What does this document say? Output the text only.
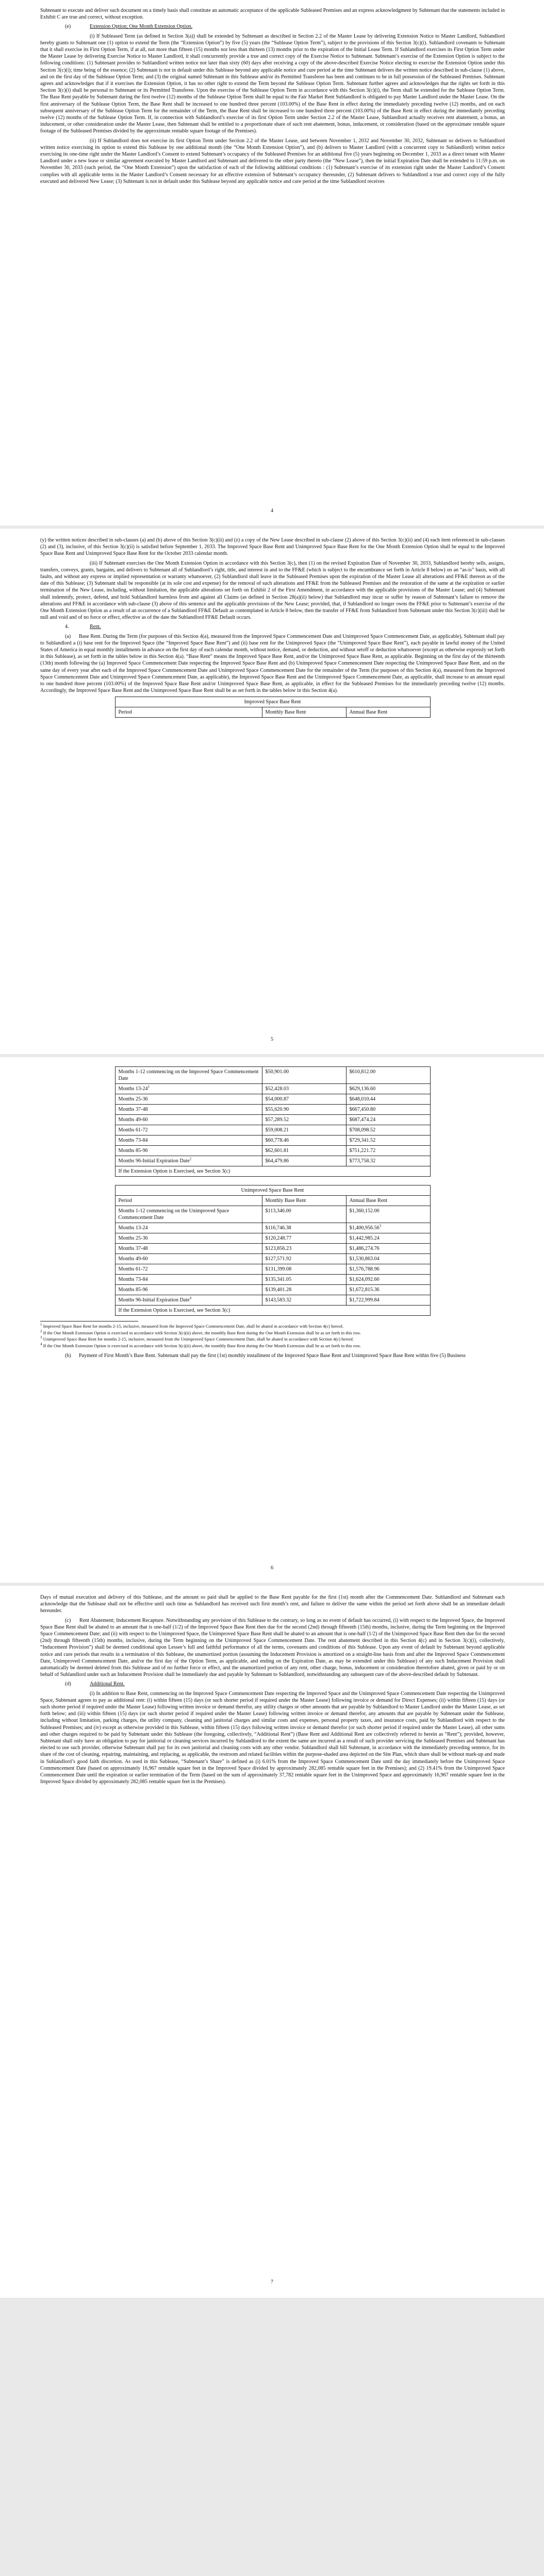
Subtenant to execute and deliver such document on a timely basis shall constitute an automatic acceptance of the applicable Subleased Premises and an express acknowledgment by Subtenant that the statements included in Exhibit C are true and correct, without exception.

(e)	Extension Option; One Month Extension Option.

(i) If Subleased Term (as defined in Section 3(a)) shall be extended by Subtenant as described in Section 2.2 of the Master Lease by delivering Extension Notice to Master Landlord, Sublandlord hereby grants to Subtenant one (1) option to extend the Term (the “Extension Option”) by five (5) years (the “Sublease Option Term”), subject to the provisions of this Section 3(c)(i). Sublandlord covenants to Subtenant that it shall exercise its First Option Term, if at all, not more than fifteen (15) months nor less than thirteen (13) months prior to the expiration of the Initial Lease Term. If Sublandlord exercises its First Option Term under the Master Lease by delivering Exercise Notice to Master Landlord, it shall concurrently provide a true and correct copy of the Exercise Notice to Subtenant. Subtenant’s exercise of the Extension Option is subject to the following conditions: (1) Subtenant provides to Sublandlord written notice not later than sixty (60) days after receiving a copy of the above-described Exercise Notice electing to exercise the Extension Option under this Section 3(c)(i); time being of the essence; (2) Subtenant is not in default under this Sublease beyond any applicable notice and cure period at the time Subtenant delivers the written notice described in sub-clause (1) above, and on the first day of the Sublease Option Term; and (3) the original named Subtenant in this Sublease and/or its Permitted Transferee has been and continues to be in full possession of the Subleased Premises. Subtenant agrees and acknowledges that if it exercises the Extension Option, it has no other right to extend the Term beyond the Sublease Option Term. Subtenant further agrees and acknowledges that the rights set forth in this Section 3(c)(i) shall be personal to Subtenant or its Permitted Transferee. Upon the exercise of the Sublease Option Term in accordance with this Section 3(c)(i), the Term shall be extended for the Sublease Option Term. The Base Rent payable by Subtenant during the first twelve (12) months of the Sublease Option Term shall be equal to the Fair Market Rent Sublandlord is obligated to pay Master Landlord under the Master Lease. On the first anniversary of the Sublease Option Term, the Base Rent shall be increased to one hundred three percent (103.00%) of the Base Rent in effect during the immediately preceding twelve (12) months, and on each subsequent anniversary of the Sublease Option Term for the remainder of the Term, the Base Rent shall be increased to one hundred three percent (103.00%) of the Base Rent in effect during the immediately preceding twelve (12) months of the Sublease Option Term. If, in connection with Sublandlord’s exercise of its first Option Term under Section 2.2 of the Master Lease, Sublandlord actually receives rent abatement, a bonus, an inducement, or other consideration under the Master Lease, then Subtenant shall be entitled to a proportionate share of such rent abatement, bonus, inducement, or consideration (based on the approximate rentable square footage of the Subleased Premises divided by the approximate rentable square footage of the Premises).

(ii) If Sublandlord does not exercise its first Option Term under Section 2.2 of the Master Lease, and between November 1, 2032 and November 30, 2032, Subtenant so delivers to Sublandlord written notice exercising its option to extend this Sublease by one additional month (the “One Month Extension Option”), and (b) delivers to Master Landlord (with a concurrent copy to Sublandlord) written notice exercising its one-time right under the Master Landlord’s Consent to extend Subtenant’s occupancy of the Subleased Premises for an additional five (5) years beginning on December 1, 2033 as a direct tenant with Master Landlord under a new lease or similar agreement executed by Master Landlord and Subtenant and delivered to the other party thereto (the “New Lease”), then the initial Expiration Date shall be extended to 11:59 p.m. on November 30, 2033 (such period, the “One Month Extension”) upon the satisfaction of each of the following additional conditions : (1) Subtenant’s exercise of its extension right under the Master Landlord’s Consent complies with all applicable terms in the Master Landlord’s Consent necessary for an effective extension of Subtenant’s occupancy thereunder, (2) Subtenant delivers to Sublandlord a true and correct copy of the fully executed and delivered New Lease; (3) Subtenant is not in default under this Sublease beyond any applicable notice and cure period at the time Sublandlord receives

4

(y) the written notices described in sub-clauses (a) and (b) above of this Section 3(c)(ii) and (z) a copy of the New Lease described in sub-clause (2) above of this Section 3(c)(ii) and (4) each item referenced in sub-clauses (2) and (3), inclusive, of this Section 3(c)(ii) is satisfied before September 1, 2033. The Improved Space Base Rent and Unimproved Space Base Rent for the One Month Extension Option shall be equal to the Improved Space Base Rent and Unimproved Space Base Rent for the October 2033 calendar month.

(iii) If Subtenant exercises the One Month Extension Option in accordance with this Section 3(c), then (1) on the revised Expiration Date of November 30, 2033, Sublandlord hereby sells, assigns, transfers, conveys, grants, bargains, and delivers to Subtenant all of Sublandlord’s right, title, and interest in and to the FF&E (which is subject to the encumbrance set forth in Article 8 below) on an “as-is” basis, with all faults, and without any express or implied representation or warranty whatsoever, (2) Sublandlord shall leave in the Subleased Premises upon the expiration of the Master Lease all alterations and FF&E thereon as of the date of this Sublease; (3) Subtenant shall be responsible (at its sole cost and expense) for the removal of such alterations and FF&E from the Subleased Premises and the restoration of the same at the expiration or earlier termination of the New Lease, including, without limitation, the applicable alterations set forth on Exhibit 2 of the First Amendment, in accordance with the applicable provisions of the Master Lease; and (4) Subtenant shall indemnify, protect, defend, and hold Sublandlord harmless from and against all Claims (as defined in Section 28(a)(ii) below) that Sublandlord may incur or suffer by reason of Subtenant’s failure to remove the alterations and FF&E in accordance with sub-clause (3) above of this sentence and the applicable provisions of the New Lease; provided, that, if Sublandlord no longer owns the FF&E prior to Subtenant’s exercise of the One Month Extension Option as a result of an occurrence of a Sublandlord FF&E Default as contemplated in Article 8 below, then the transfer of FF&E from Sublandlord from Subtenant under this Section 3(c)(iii) shall be null and void and of no force or effect, effective as of the date the Sublandlord FF&E Default occurs.

4.	Rent.

(a) Base Rent. During the Term (for purposes of this Section 4(a), measured from the Improved Space Commencement Date and Unimproved Space Commencement Date, as applicable), Subtenant shall pay to Sublandlord a (i) base rent for the Improved Space (the “Improved Space Base Rent”) and (ii) base rent for the Unimproved Space (the “Unimproved Space Base Rent”), each payable in lawful money of the United States of America in equal monthly installments in advance on the first day of each calendar month, without notice, demand, or deduction, and without setoff or deduction whatsoever (except as otherwise expressly set forth in this Sublease), as set forth in the tables below in this Section 4(a). “Base Rent” means the Improved Space Base Rent, and/or the Unimproved Space Base Rent, as applicable. Beginning on the first day of the thirteenth (13th) month following the (a) Improved Space Commencement Date respecting the Improved Space Base Rent and (b) Unimproved Space Commencement Date respecting the Unimproved Space Base Rent, and on the same day of every year after each of the Improved Space Commencement Date and Unimproved Space Commencement Date for the remainder of the Term (for purposes of this Section 4(a), measured from the Improved Space Commencement Date and Unimproved Space Commencement Date, as applicable), the Improved Space Base Rent and the Unimproved Space Commencement Date, as applicable, shall increase to an amount equal to one hundred three percent (103.00%) of the Improved Space Base Rent and/or Unimproved Space Base Rent, as applicable, in effect for the Subleased Premises for the immediately preceding twelve (12) months. Accordingly, the Improved Space Base Rent and the Unimproved Space Base Rent shall be as set forth in the tables below in this Section 4(a).

Improved Space Base Rent
Period	Monthly Base Rent	Annual Base Rent
5
Months 1-12 commencing on the Improved Space Commencement Date	$50,901.00	$610,812.00
Months $13-24^1$	$52,428.03	$629,136.60
Months 25-36	$54,000.87	$648,010.44
Months 37-48	$55,620.90	$667,450.80
Months 49-60	$57,289.52	$687,474.24
Months 61-72	$59,008.21	$708,098.52
Months 73-84	$60,778.46	$729,341.52
Months 85-96	$62,601.81	$751,221.72
Months 96-Initial Expiration Date$^2$	$64,479.86	$773,758.32
If the Extension Option is Exercised, see Section 3(c)		
Unimproved Space Base Rent		
Period	Monthly Base Rent	Annual Base Rent
Months 1-12 commencing on the Unimproved Space Commencement Date	$113,346.00	$1,360,152.00
Months 13-24	$116,746.38	$1,400,956.56$^3$
Months 25-36	$120,248.77	$1,442,985.24
Months 37-48	$123,856.23	$1,486,274.76
Months 49-60	$127,571.92	$1,530,863.04
Months 61-72	$131,399.08	$1,576,788.96
Months 73-84	$135,341.05	$1,624,092.60
Months 85-96	$139,401.28	$1,672,815.36
Months 96-Initial Expiration Date$^4$	$143,583.32	$1,722,999.84
If the Extension Option is Exercised, see Section 3(c)		

$^1$ Improved Space Base Rent for months 2-15, inclusive, measured from the Improved Space Commencement Date, shall be abated in accordance with Section 4(c) hereof.

$^2$ If the One Month Extension Option is exercised in accordance with Section 3(c)(ii) above, the monthly Base Rent during the One Month Extension shall be as set forth in this row.

$^3$ Unimproved Space Base Rent for months 2-15, inclusive, measured from the Unimproved Space Commencement Date, shall be abated in accordance with Section 4(c) hereof.

$^4$ If the One Month Extension Option is exercised in accordance with Section 3(c)(ii) above, the monthly Base Rent during the One Month Extension shall be as set forth in this row.

(b) Payment of First Month’s Base Rent. Subtenant shall pay the first (1st) monthly installment of the Improved Space Base Rent and Unimproved Space Base Rent within five (5) Business

6

Days of mutual execution and delivery of this Sublease, and the amount so paid shall be applied to the Base Rent payable for the first (1st) month after the Commencement Date. Sublandlord and Subtenant each acknowledge that the Sublease shall not be effective until such time as Sublandlord has received such first month’s rent, and failure to deliver the same within the period set forth above shall be an immediate default hereunder.

(c) Rent Abatement; Inducement Recapture. Notwithstanding any provision of this Sublease to the contrary, so long as no event of default has occurred, (i) with respect to the Improved Space, the Improved Space Base Rent shall be abated to an amount that is one-half (1/2) of the Improved Space Base Rent then due for the second (2nd) through fifteenth (15th) months, inclusive, during the Term beginning on the Improved Space Commencement Date; and (ii) with respect to the Unimproved Space, the Unimproved Space Base Rent shall be abated to an amount that is one-half (1/2) of the Unimproved Space Base Rent then due for the second (2nd) through fifteenth (15th) months, inclusive, during the Term beginning on the Unimproved Space Commencement Date. The rent abatement described in this Section 4(c) and in Section 3(c)(i), collectively, “Inducement Provision”) shall be deemed conditional upon Lessee’s full and faithful performance of all the terms, covenants and conditions of this Sublease. Upon any event of default by Subtenant beyond applicable notice and cure periods that results in a termination of this Sublease, the unamortized portion (assuming the Inducement Provision is amortized on a straight-line basis from and after the Improved Space Commencement Date, Unimproved Commencement Date, and/or the first day of the Option Term, as applicable, and ending on the Expiration Date, as may be extended under this Sublease) of any such Inducement Provision shall automatically be deemed deleted from this Sublease and of no further force or effect, and the unamortized portion of any rent, other charge, bonus, inducement or consideration theretofore abated, given or paid by or on behalf of Sublandlord under such an Inducement Provision shall be immediately due and payable by Subtenant to Sublandlord, notwithstanding any subsequent cure of the above-described default by Subtenant.

(d)	Additional Rent.

(i) In addition to Base Rent, commencing on the Improved Space Commencement Date respecting the Improved Space and the Unimproved Space Commencement Date respecting the Unimproved Space, Subtenant agrees to pay as additional rent: (i) within fifteen (15) days (or such shorter period if required under the Master Lease) following invoice or demand for Direct Expenses; (ii) within fifteen (15) days (or such shorter period if required under the Master Lease) following written invoice or demand therefor, any utility charges or other amounts that are payable by Sublandlord to Master Landlord under the Master Lease, as set forth below; and (iii) within fifteen (15) days (or such shorter period if required under the Master Lease) following written invoice or demand therefor, any amounts that are payable by Subtenant under the Sublease, including without limitation, parking charges, the utility company, cleaning and janitorial charges and similar costs and expenses, personal property taxes, and insurance costs, paid by Sublandlord with respect to the Subleased Premises; and (iv) except as otherwise provided in this Sublease, within fifteen (15) days following written invoice or demand therefor (or such shorter period if required under the Master Lease), all other sums and other charges required to be paid by Subtenant under this Sublease (the foregoing, collectively, “Additional Rent”) (Base Rent and Additional Rent are collectively referred to herein as “Rent”); provided, however, Subtenant shall only have an obligation to pay for janitorial or cleaning services incurred by Sublandlord to the extent the same are incurred as a result of such provider servicing the Subleased Premises and Subtenant has elected to use such provider, otherwise Subtenant shall pay for its own janitorial and cleaning costs with any other vendor. Sublandlord shall bill Subtenant, in accordance with the immediately preceding sentence, for its share of the cost of cleaning, repairing, maintaining, and replacing, as applicable, the restroom and related facilities within the purpose-shaded area depicted on the Site Plan, which share shall be without mark-up and made in Sublandlord’s good faith discretion. As used in this Sublease, “Subtenant’s Share” is defined as (i) 6.01% from the Improved Space Commencement Date until the day immediately before the Unimproved Space Commencement Date (based on approximately 16,967 rentable square feet in the Improved Space divided by approximately 282,085 rentable square feet in the Premises); and (2) 19.41% from the Unimproved Space Commencement Date until the expiration or earlier termination of the Term (based on the sum of approximately 37,782 rentable square feet in the Unimproved Space and approximately 16,967 rentable square feet in the Improved Space divided by approximately 282,085 rentable square feet in the Premises).

7
